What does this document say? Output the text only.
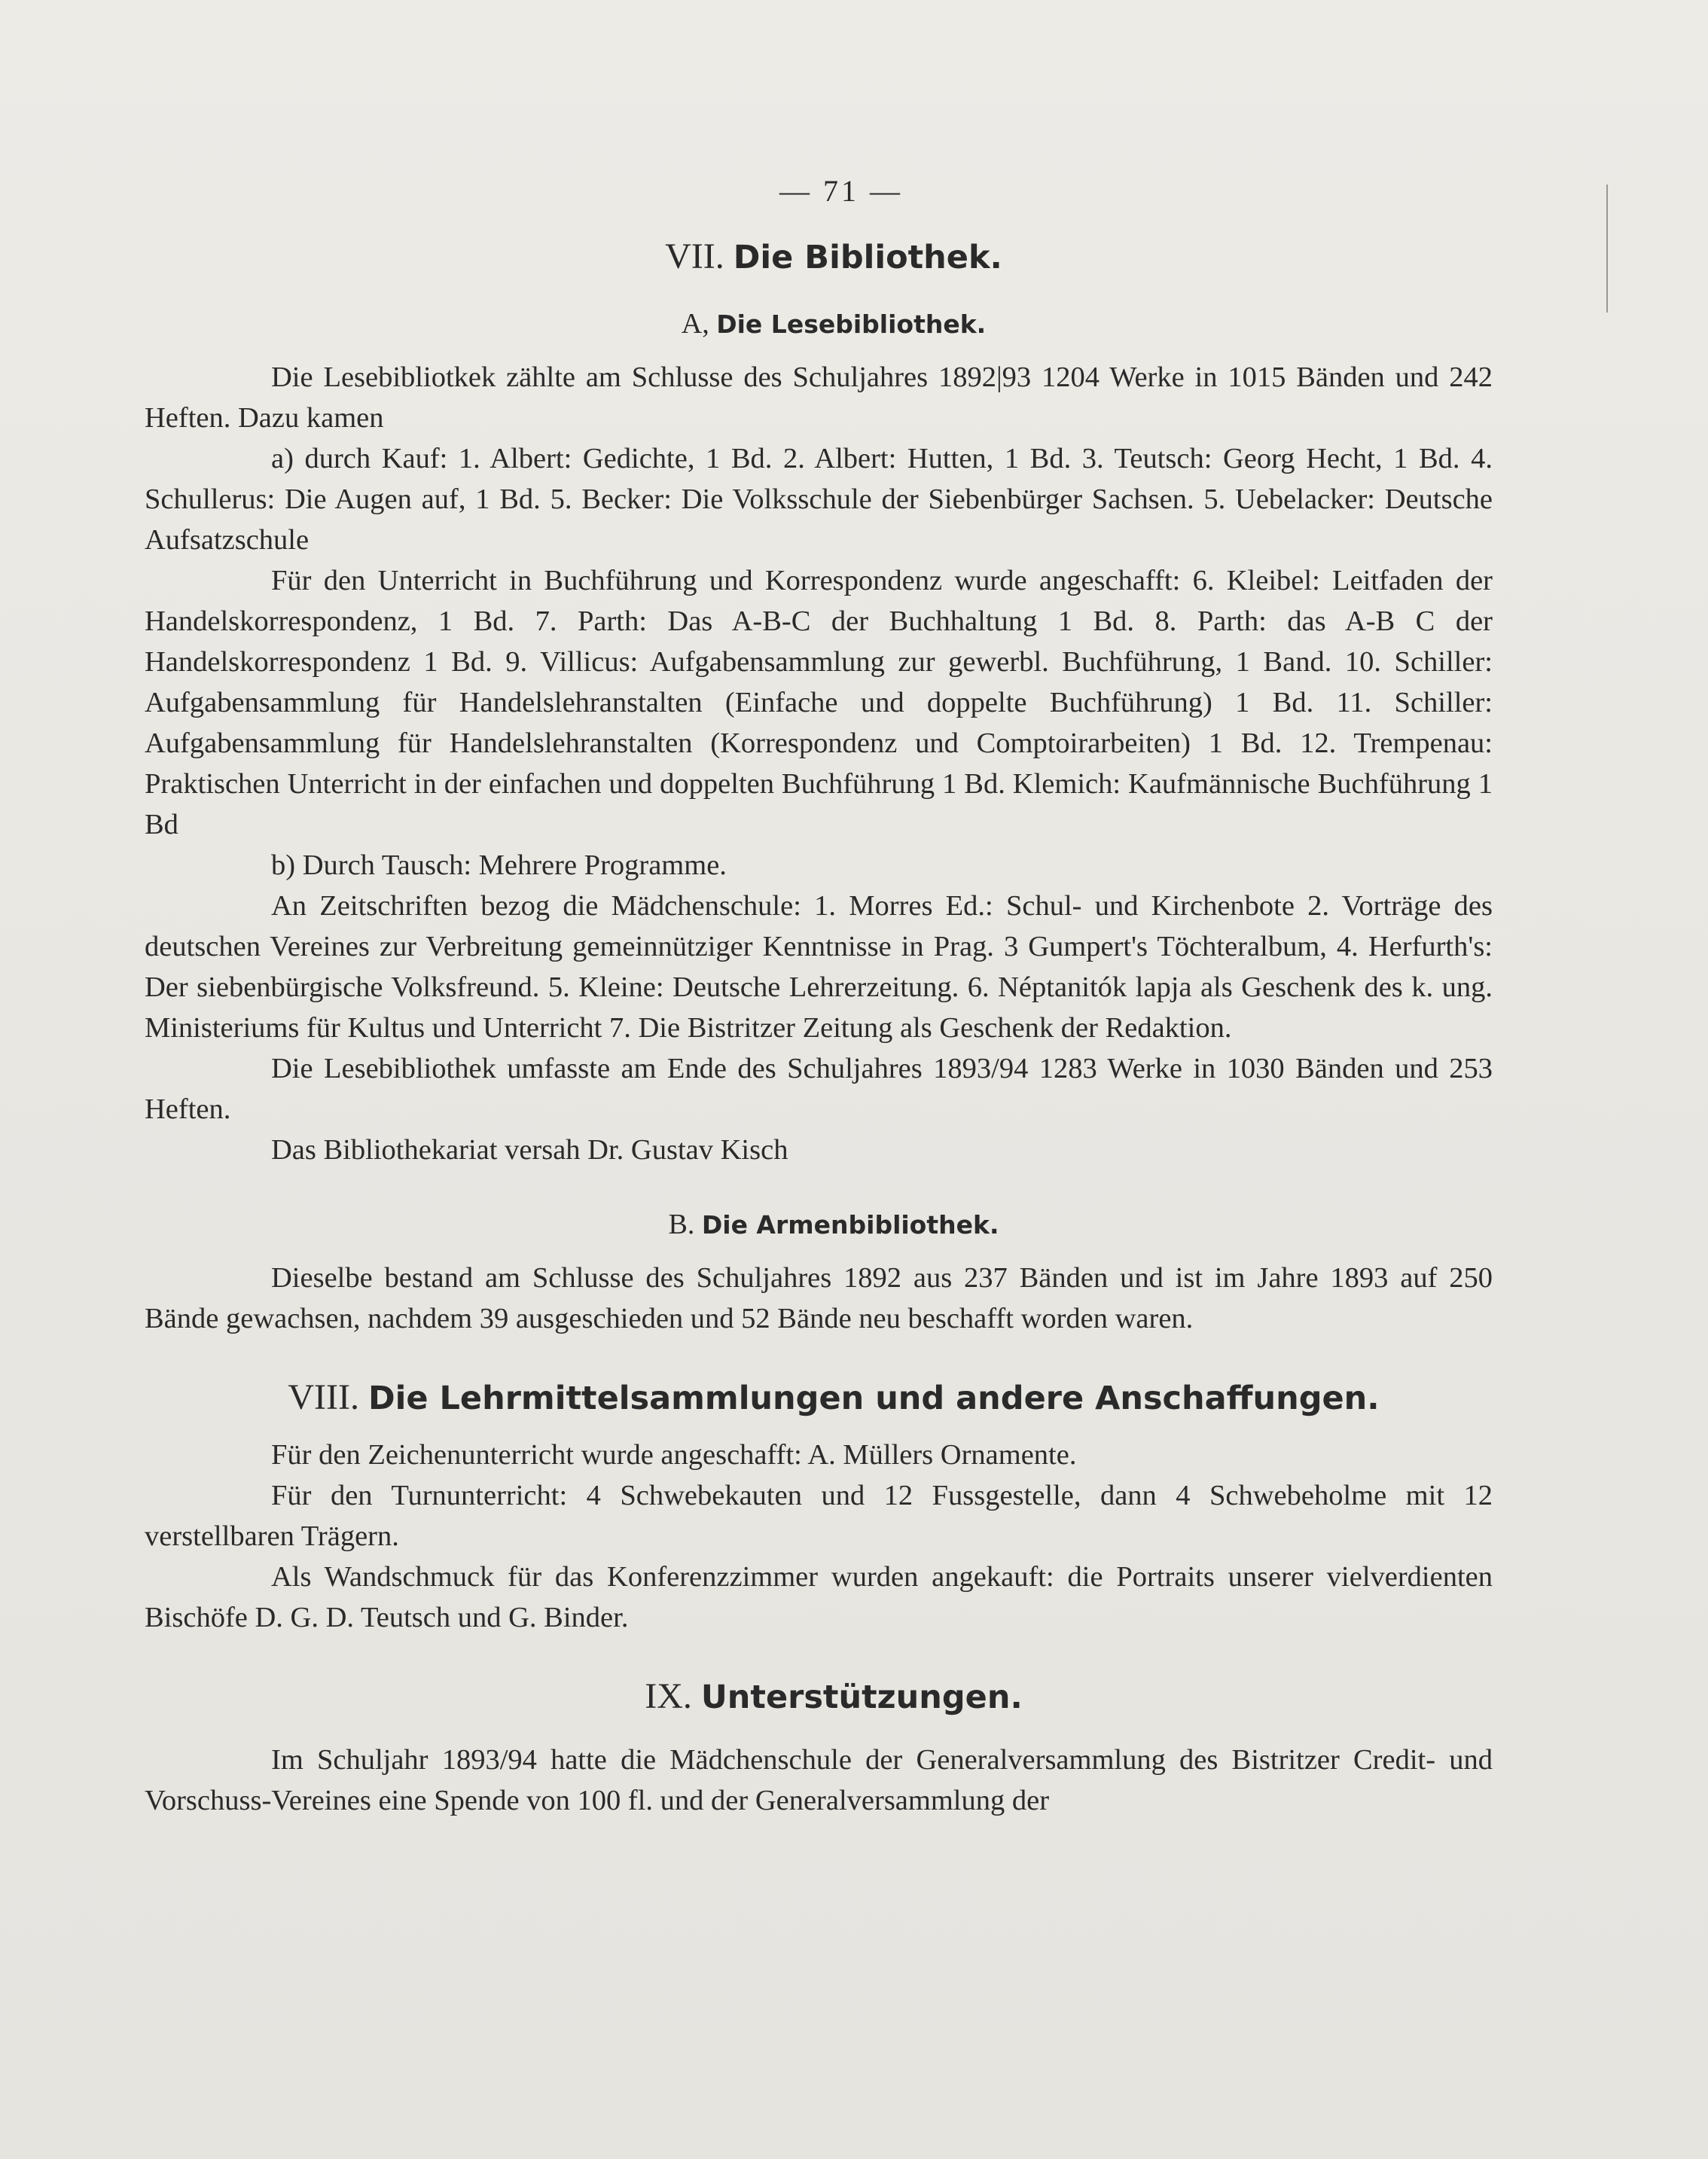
— 71 —
VII. Die Bibliothek.
A, Die Lesebibliothek.

Die Lesebibliotkek zählte am Schlusse des Schuljahres 1892|93 1204 Werke in 1015 Bänden und 242 Heften. Dazu kamen

a) durch Kauf: 1. Albert: Gedichte, 1 Bd. 2. Albert: Hutten, 1 Bd. 3. Teutsch: Georg Hecht, 1 Bd. 4. Schullerus: Die Augen auf, 1 Bd. 5. Becker: Die Volksschule der Siebenbürger Sachsen. 5. Uebelacker: Deutsche Aufsatzschule

Für den Unterricht in Buchführung und Korrespondenz wurde angeschafft: 6. Kleibel: Leitfaden der Handelskorrespondenz, 1 Bd. 7. Parth: Das A-B-C der Buchhaltung 1 Bd. 8. Parth: das A-B C der Handelskorrespondenz 1 Bd. 9. Villicus: Aufgabensammlung zur gewerbl. Buchführung, 1 Band. 10. Schiller: Aufgabensammlung für Handelslehranstalten (Einfache und doppelte Buchführung) 1 Bd. 11. Schiller: Aufgabensammlung für Handelslehranstalten (Korrespondenz und Comptoirarbeiten) 1 Bd. 12. Trempenau: Praktischen Unterricht in der einfachen und doppelten Buchführung 1 Bd. Klemich: Kaufmännische Buchführung 1 Bd

b) Durch Tausch: Mehrere Programme.

An Zeitschriften bezog die Mädchenschule: 1. Morres Ed.: Schul- und Kirchenbote 2. Vorträge des deutschen Vereines zur Verbreitung gemeinnütziger Kenntnisse in Prag. 3 Gumpert's Töchteralbum, 4. Herfurth's: Der siebenbürgische Volksfreund. 5. Kleine: Deutsche Lehrerzeitung. 6. Néptanitók lapja als Geschenk des k. ung. Ministeriums für Kultus und Unterricht 7. Die Bistritzer Zeitung als Geschenk der Redaktion.

Die Lesebibliothek umfasste am Ende des Schuljahres 1893/94 1283 Werke in 1030 Bänden und 253 Heften.

Das Bibliothekariat versah Dr. Gustav Kisch

B. Die Armenbibliothek.

Dieselbe bestand am Schlusse des Schuljahres 1892 aus 237 Bänden und ist im Jahre 1893 auf 250 Bände gewachsen, nachdem 39 ausgeschieden und 52 Bände neu beschafft worden waren.

VIII. Die Lehrmittelsammlungen und andere Anschaffungen.

Für den Zeichenunterricht wurde angeschafft: A. Müllers Ornamente.

Für den Turnunterricht: 4 Schwebekauten und 12 Fussgestelle, dann 4 Schwebeholme mit 12 verstellbaren Trägern.

Als Wandschmuck für das Konferenzzimmer wurden angekauft: die Portraits unserer vielverdienten Bischöfe D. G. D. Teutsch und G. Binder.

IX. Unterstützungen.

Im Schuljahr 1893/94 hatte die Mädchenschule der Generalversammlung des Bistritzer Credit- und Vorschuss-Vereines eine Spende von 100 fl. und der Generalversammlung der
